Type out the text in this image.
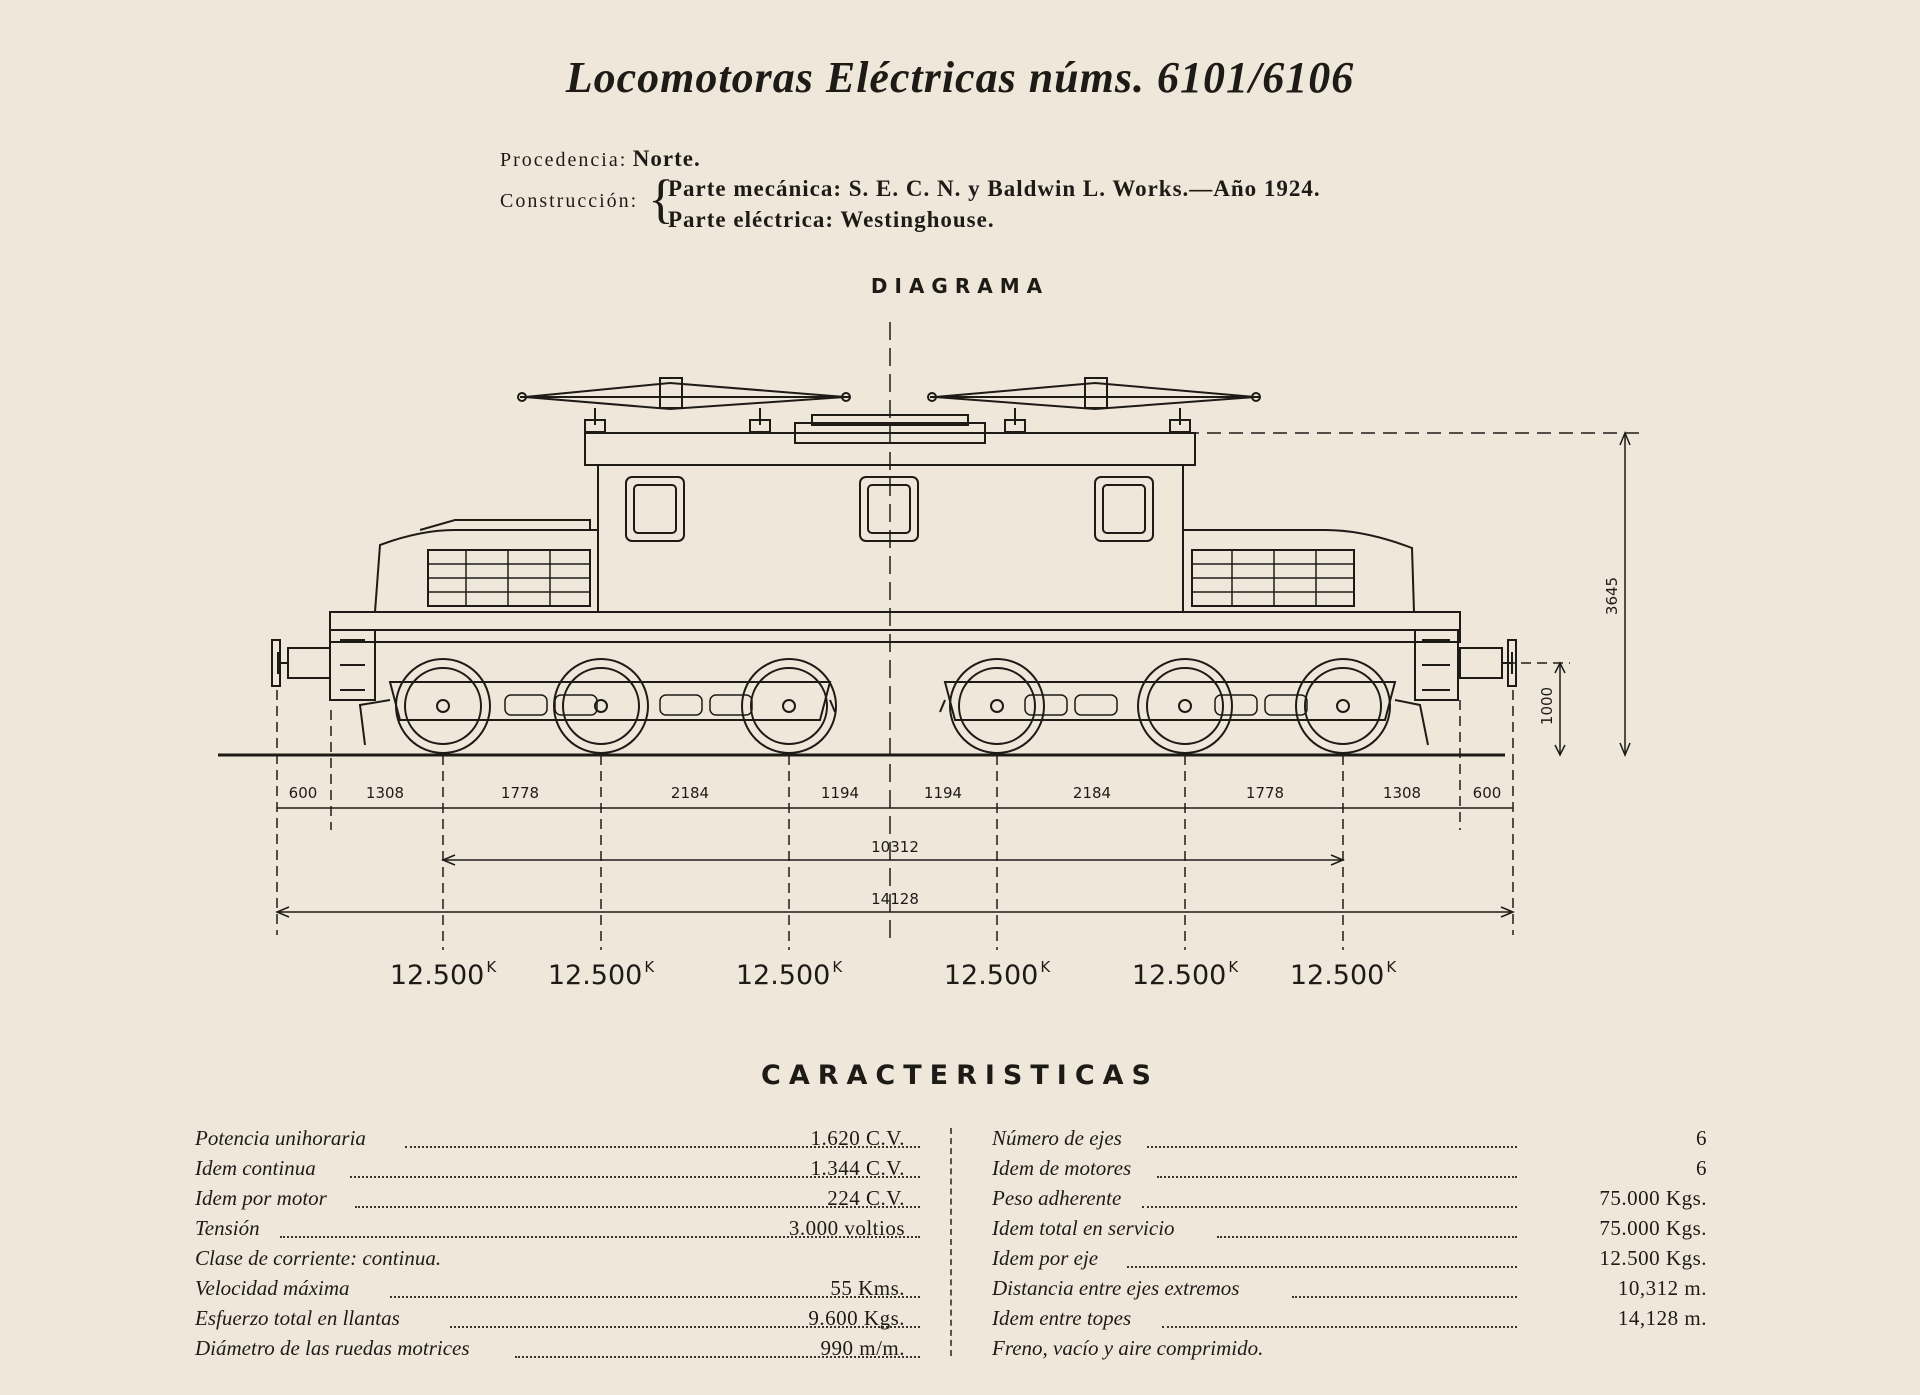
Locomotoras Eléctricas núms. 6101/6106
Procedencia: Norte.
Construcción: {
Parte mecánica: S. E. C. N. y Baldwin L. Works.—Año 1924.
Parte eléctrica: Westinghouse.
DIAGRAMA
600	1308	1778	2184	1194	1194	2184	1778	1308	600
10312
14128
3645
1000
12.500 $^K$ 12.500 $^K$	12.500 $^K$	12.500 $^K$	12.500 $^K$ 12.500 $^K$
CARACTERISTICAS
Potencia unihoraria	1.620 C.V.
Idem continua	1.344 C.V.
Idem por motor	224 C.V.
Tensión	3.000 voltios
Clase de corriente: continua.
Velocidad máxima	55 Kms.
Esfuerzo total en llantas	9.600 Kgs.
Diámetro de las ruedas motrices	990 m/m.
Número de ejes	6
Idem de motores	6
Peso adherente	75.000 Kgs.
Idem total en servicio	75.000 Kgs.
Idem por eje	12.500 Kgs.
Distancia entre ejes extremos	10,312 m.
Idem entre topes	14,128 m.
Freno, vacío y aire comprimido.
